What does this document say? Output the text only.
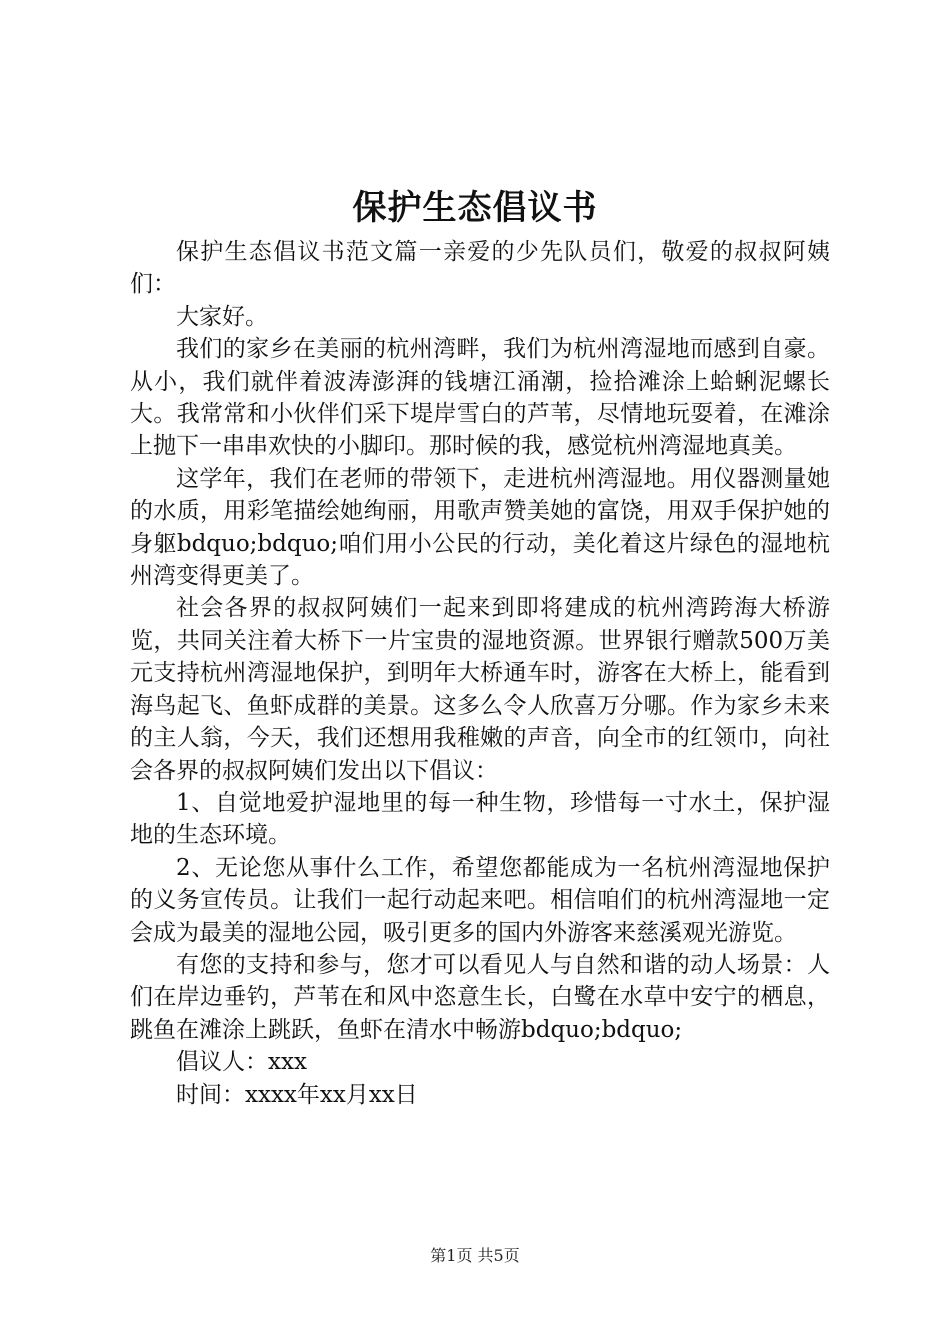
保护生态倡议书

保护生态倡议书范文篇一亲爱的少先队员们，敬爱的叔叔阿姨们：

大家好。

我们的家乡在美丽的杭州湾畔，我们为杭州湾湿地而感到自豪。从小，我们就伴着波涛澎湃的钱塘江涌潮，捡拾滩涂上蛤蜊泥螺长大。我常常和小伙伴们采下堤岸雪白的芦苇，尽情地玩耍着，在滩涂上抛下一串串欢快的小脚印。那时候的我，感觉杭州湾湿地真美。

这学年，我们在老师的带领下，走进杭州湾湿地。用仪器测量她的水质，用彩笔描绘她绚丽，用歌声赞美她的富饶，用双手保护她的身躯bdquo;bdquo;咱们用小公民的行动，美化着这片绿色的湿地杭州湾变得更美了。

社会各界的叔叔阿姨们一起来到即将建成的杭州湾跨海大桥游览，共同关注着大桥下一片宝贵的湿地资源。世界银行赠款500万美元支持杭州湾湿地保护，到明年大桥通车时，游客在大桥上，能看到海鸟起飞、鱼虾成群的美景。这多么令人欣喜万分哪。作为家乡未来的主人翁，今天，我们还想用我稚嫩的声音，向全市的红领巾，向社会各界的叔叔阿姨们发出以下倡议：

1、自觉地爱护湿地里的每一种生物，珍惜每一寸水土，保护湿地的生态环境。

2、无论您从事什么工作，希望您都能成为一名杭州湾湿地保护的义务宣传员。让我们一起行动起来吧。相信咱们的杭州湾湿地一定会成为最美的湿地公园，吸引更多的国内外游客来慈溪观光游览。

有您的支持和参与，您才可以看见人与自然和谐的动人场景：人们在岸边垂钓，芦苇在和风中恣意生长，白鹭在水草中安宁的栖息，跳鱼在滩涂上跳跃，鱼虾在清水中畅游bdquo;bdquo;

倡议人：xxx

时间：xxxx年xx月xx日

第1页 共5页
